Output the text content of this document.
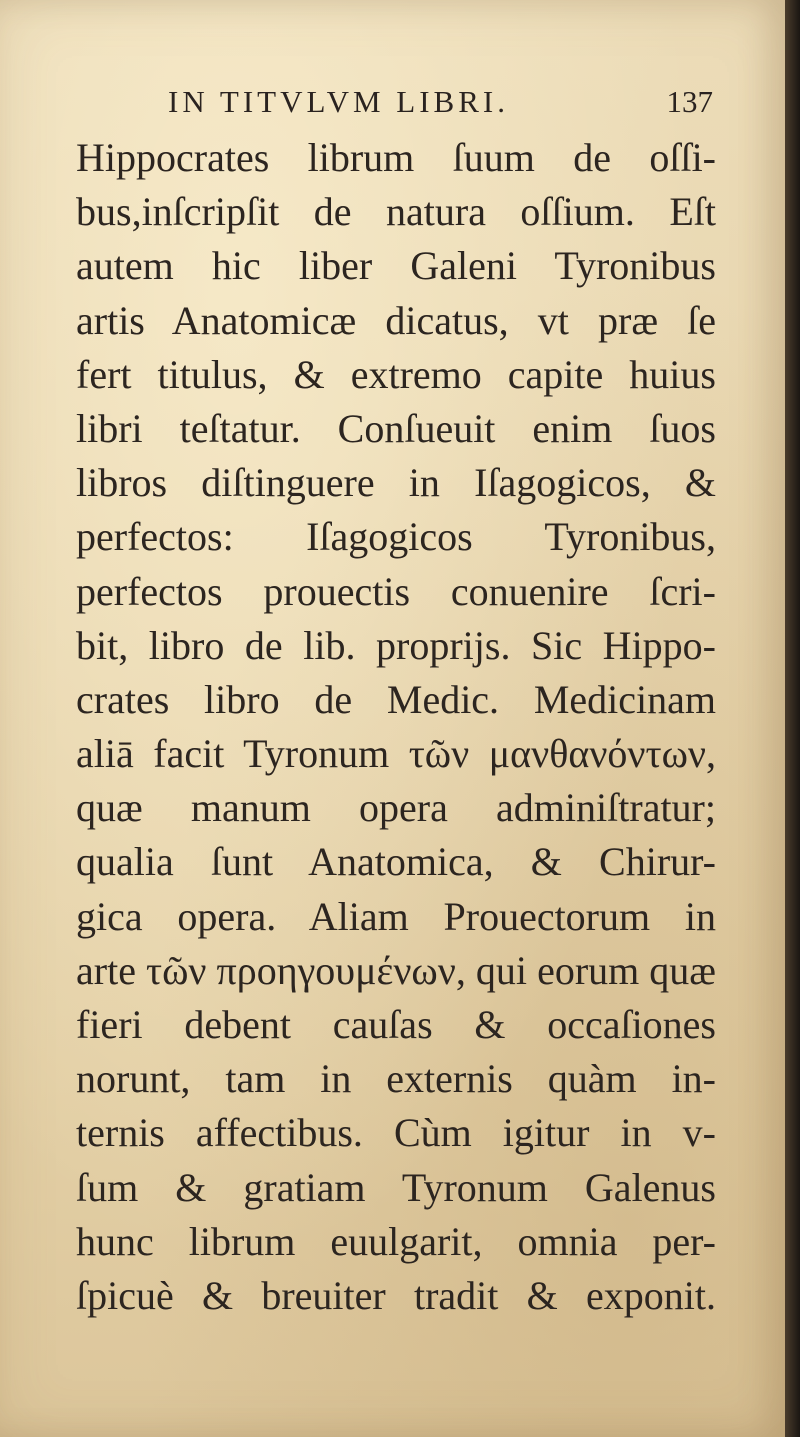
IN TITVLVM LIBRI.	137
Hippocrates librum ſuum de oſſi-
bus,inſcripſit de natura oſſium. Eſt
autem hic liber Galeni Tyronibus
artis Anatomicæ dicatus, vt præ ſe
fert titulus, & extremo capite huius
libri teſtatur. Conſueuit enim ſuos
libros diſtinguere in Iſagogicos, &
perfectos: Iſagogicos Tyronibus,
perfectos prouectis conuenire ſcri-
bit, libro de lib. proprijs. Sic Hippo-
crates libro de Medic. Medicinam
aliā facit Tyronum τῶν μανθανόντων,
quæ manum opera adminiſtratur;
qualia ſunt Anatomica, & Chirur-
gica opera. Aliam Prouectorum in
arte τῶν προηγουμένων, qui eorum quæ
fieri debent cauſas & occaſiones
norunt, tam in externis quàm in-
ternis affectibus. Cùm igitur in v-
ſum & gratiam Tyronum Galenus
hunc librum euulgarit, omnia per-
ſpicuè & breuiter tradit & exponit.
